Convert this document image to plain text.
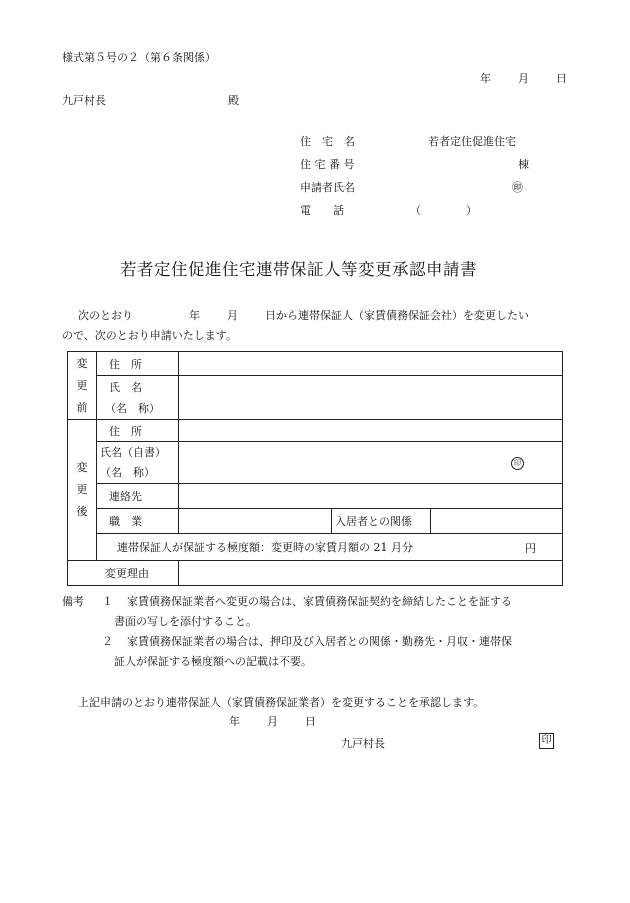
様式第５号の２（第６条関係）
年 月 日
九戸村長	殿
住　宅　名	若者定住促進住宅
住 宅 番 号	棟
申請者氏名	㊞
電　　話	（	）
若者定住促進住宅連帯保証人等変更承認申請書
次のとおり	年 月 日から連帯保証人（家賃債務保証会社）を変更したい
ので、次のとおり申請いたします。
変
更
前	住　所			

	氏　名
（名　称）			

変
更
後	住　所			

	氏名（自書）
（名　称）	印		
	連絡先			
	職　業		入居者との関係	
	連帯保証人が保証する極度額：変更時の家賃月額の 21 月分 円			

変更理由				
備考 １ 家賃債務保証業者へ変更の場合は、家賃債務保証契約を締結したことを証する
書面の写しを添付すること。
２ 家賃債務保証業者の場合は、押印及び入居者との関係・勤務先・月収・連帯保
証人が保証する極度額への記載は不要。
上記申請のとおり連帯保証人（家賃債務保証業者）を変更することを承認します。
年 月 日
九戸村長	印
